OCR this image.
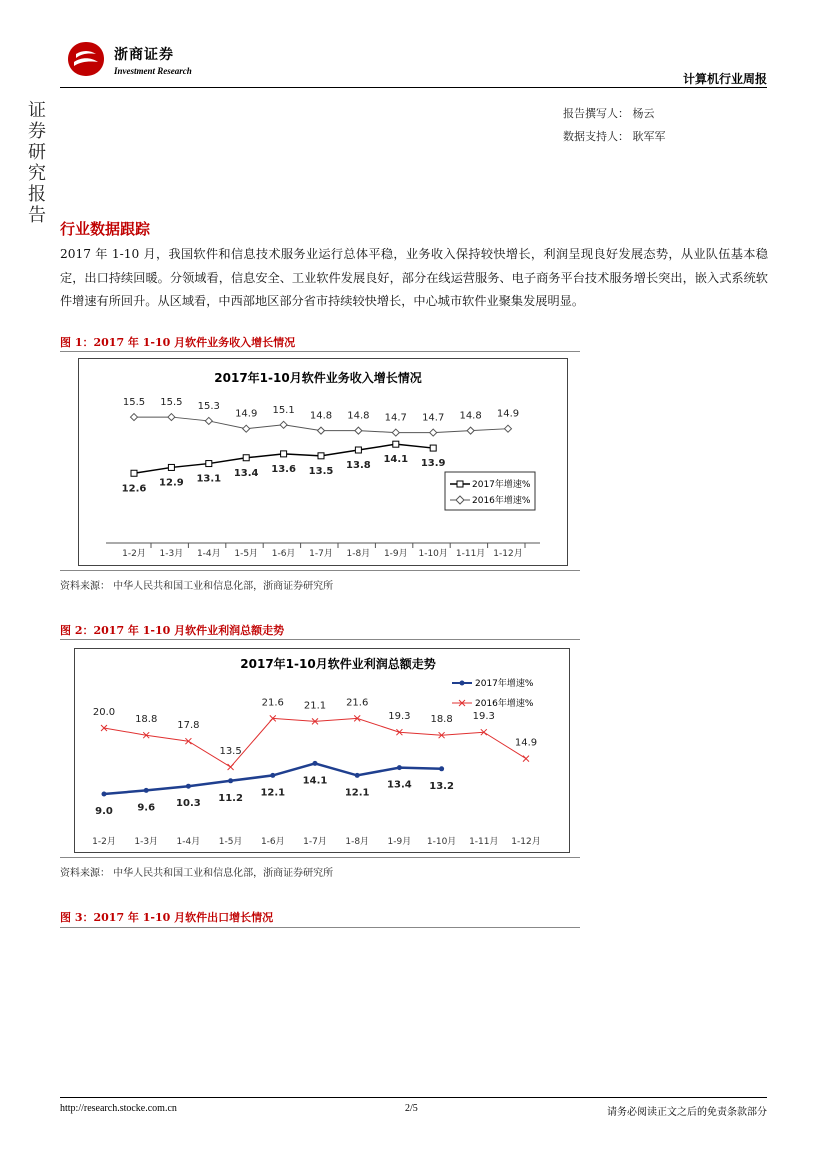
浙商证券
Investment Research
计算机行业周报
证
券
研
究
报
告
报告撰写人： 杨云
数据支持人： 耿军军
行业数据跟踪
2017 年 1-10 月，我国软件和信息技术服务业运行总体平稳，业务收入保持较快增长，利润呈现良好发展态势，从业队伍基本稳定，出口持续回暖。分领域看，信息安全、工业软件发展良好，部分在线运营服务、电子商务平台技术服务增长突出，嵌入式系统软件增速有所回升。从区域看，中西部地区部分省市持续较快增长，中心城市软件业聚集发展明显。
图 1：2017 年 1-10 月软件业务收入增长情况
2017年1-10月软件业务收入增长情况
1-2月 1-3月 1-4月 1-5月 1-6月 1-7月 1-8月 1-9月 1-10月 1-11月 1-12月
12.6
12.9 13.1
13.4 13.6 13.5
13.8
14.1 13.9
15.5 15.5 15.3
14.9 15.1
14.8 14.8 14.7 14.7 14.8 14.9
2017年增速%
2016年增速%
资料来源： 中华人民共和国工业和信息化部，浙商证券研究所
图 2：2017 年 1-10 月软件业利润总额走势
2017年1-10月软件业利润总额走势
1-2月 1-3月 1-4月 1-5月 1-6月 1-7月 1-8月 1-9月 1-10月 1-11月 1-12月
9.0 9.6 10.3 11.2 12.1
14.1
12.1
13.4 13.2
20.0
18.8
17.8
13.5
21.6 21.1 21.6
19.3 18.8 19.3
14.9
2017年增速%
2016年增速%
资料来源： 中华人民共和国工业和信息化部，浙商证券研究所
图 3：2017 年 1-10 月软件出口增长情况
http://research.stocke.com.cn	2/5	请务必阅读正文之后的免责条款部分
